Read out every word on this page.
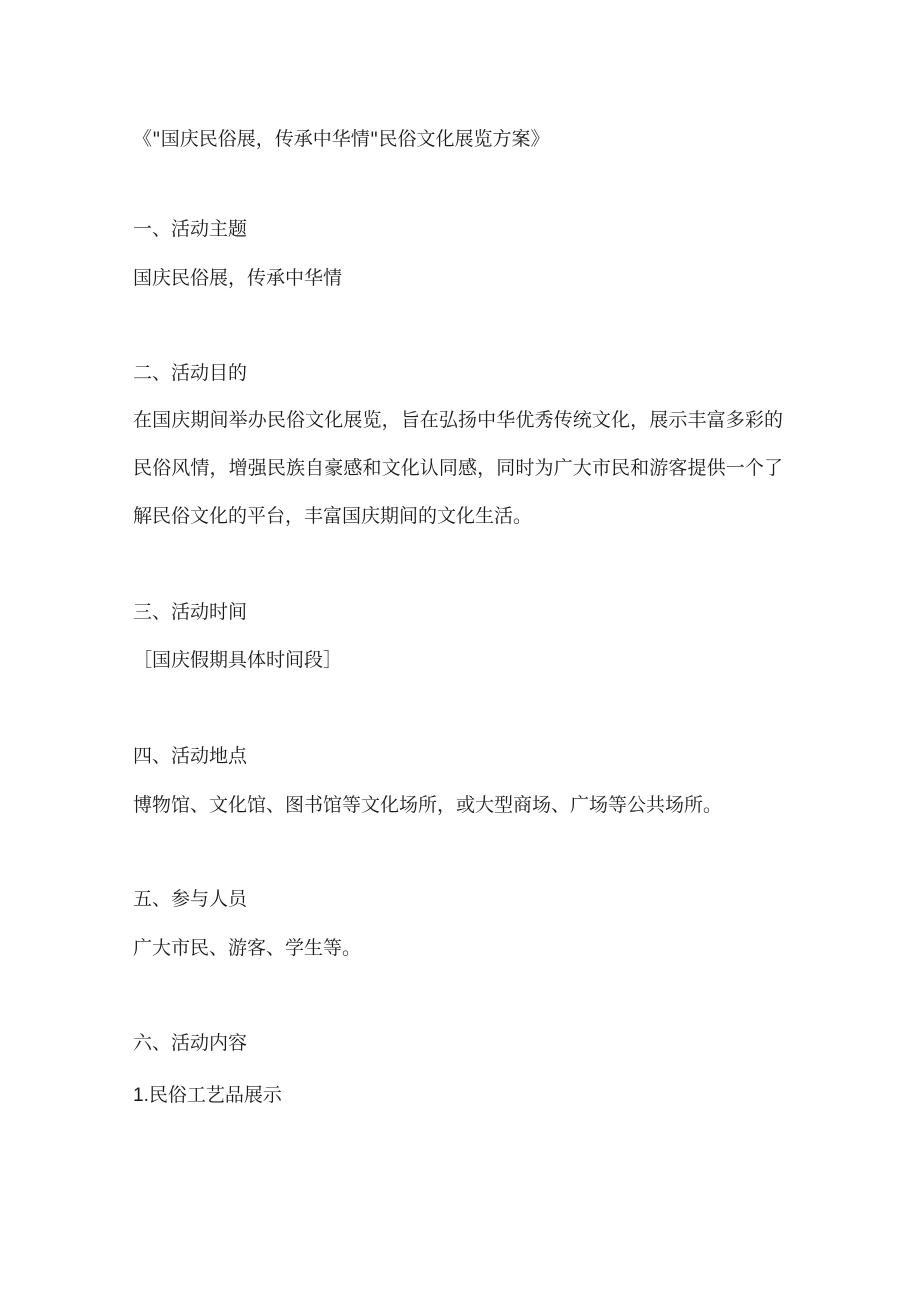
《"国庆民俗展，传承中华情"民俗文化展览方案》
一、活动主题
国庆民俗展，传承中华情
二、活动目的
在国庆期间举办民俗文化展览，旨在弘扬中华优秀传统文化，展示丰富多彩的民俗风情，增强民族自豪感和文化认同感，同时为广大市民和游客提供一个了解民俗文化的平台，丰富国庆期间的文化生活。
三、活动时间
［国庆假期具体时间段］
四、活动地点
博物馆、文化馆、图书馆等文化场所，或大型商场、广场等公共场所。
五、参与人员
广大市民、游客、学生等。
六、活动内容
1.民俗工艺品展示
